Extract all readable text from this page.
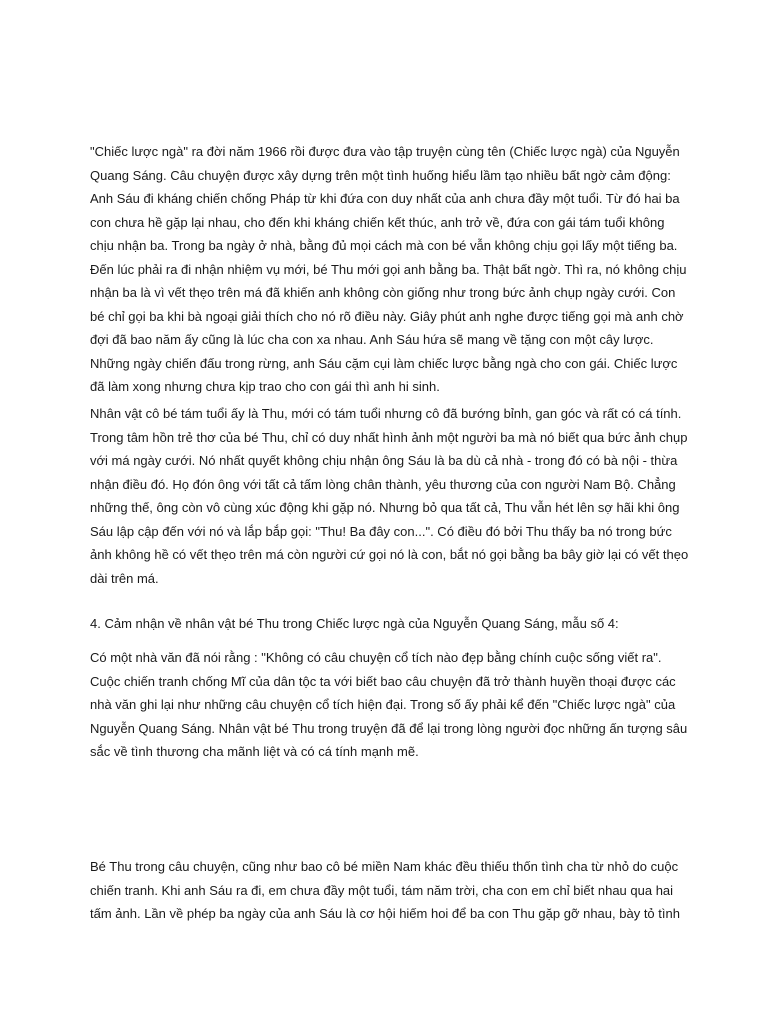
"Chiếc lược ngà" ra đời năm 1966 rồi được đưa vào tập truyện cùng tên (Chiếc lược ngà) của Nguyễn Quang Sáng. Câu chuyện được xây dựng trên một tình huống hiểu lầm tạo nhiều bất ngờ cảm động: Anh Sáu đi kháng chiến chống Pháp từ khi đứa con duy nhất của anh chưa đầy một tuổi. Từ đó hai ba con chưa hề gặp lại nhau, cho đến khi kháng chiến kết thúc, anh trở về, đứa con gái tám tuổi không chịu nhận ba. Trong ba ngày ở nhà, bằng đủ mọi cách mà con bé vẫn không chịu gọi lấy một tiếng ba. Đến lúc phải ra đi nhận nhiệm vụ mới, bé Thu mới gọi anh bằng ba. Thật bất ngờ. Thì ra, nó không chịu nhận ba là vì vết thẹo trên má đã khiến anh không còn giống như trong bức ảnh chụp ngày cưới. Con bé chỉ gọi ba khi bà ngoại giải thích cho nó rõ điều này. Giây phút anh nghe được tiếng gọi mà anh chờ đợi đã bao năm ấy cũng là lúc cha con xa nhau. Anh Sáu hứa sẽ mang về tặng con một cây lược. Những ngày chiến đấu trong rừng, anh Sáu cặm cụi làm chiếc lược bằng ngà cho con gái. Chiếc lược đã làm xong nhưng chưa kịp trao cho con gái thì anh hi sinh.

Nhân vật cô bé tám tuổi ấy là Thu, mới có tám tuổi nhưng cô đã bướng bỉnh, gan góc và rất có cá tính. Trong tâm hồn trẻ thơ của bé Thu, chỉ có duy nhất hình ảnh một người ba mà nó biết qua bức ảnh chụp với má ngày cưới. Nó nhất quyết không chịu nhận ông Sáu là ba dù cả nhà - trong đó có bà nội - thừa nhận điều đó. Họ đón ông với tất cả tấm lòng chân thành, yêu thương của con người Nam Bộ. Chẳng những thế, ông còn vô cùng xúc động khi gặp nó. Nhưng bỏ qua tất cả, Thu vẫn hét lên sợ hãi khi ông Sáu lập cập đến với nó và lắp bắp gọi: "Thu! Ba đây con...". Có điều đó bởi Thu thấy ba nó trong bức ảnh không hề có vết thẹo trên má còn người cứ gọi nó là con, bắt nó gọi bằng ba bây giờ lại có vết thẹo dài trên má.

4. Cảm nhận về nhân vật bé Thu trong Chiếc lược ngà của Nguyễn Quang Sáng, mẫu số 4:

Có một nhà văn đã nói rằng : "Không có câu chuyện cổ tích nào đẹp bằng chính cuộc sống viết ra". Cuộc chiến tranh chống Mĩ của dân tộc ta với biết bao câu chuyện đã trở thành huyền thoại được các nhà văn ghi lại như những câu chuyện cổ tích hiện đại. Trong số ấy phải kể đến "Chiếc lược ngà" của Nguyễn Quang Sáng. Nhân vật bé Thu trong truyện đã để lại trong lòng người đọc những ấn tượng sâu sắc về tình thương cha mãnh liệt và có cá tính mạnh mẽ.

Bé Thu trong câu chuyện, cũng như bao cô bé miền Nam khác đều thiếu thốn tình cha từ nhỏ do cuộc chiến tranh. Khi anh Sáu ra đi, em chưa đầy một tuổi, tám năm trời, cha con em chỉ biết nhau qua hai tấm ảnh. Lần về phép ba ngày của anh Sáu là cơ hội hiếm hoi để ba con Thu gặp gỡ nhau, bày tỏ tình
